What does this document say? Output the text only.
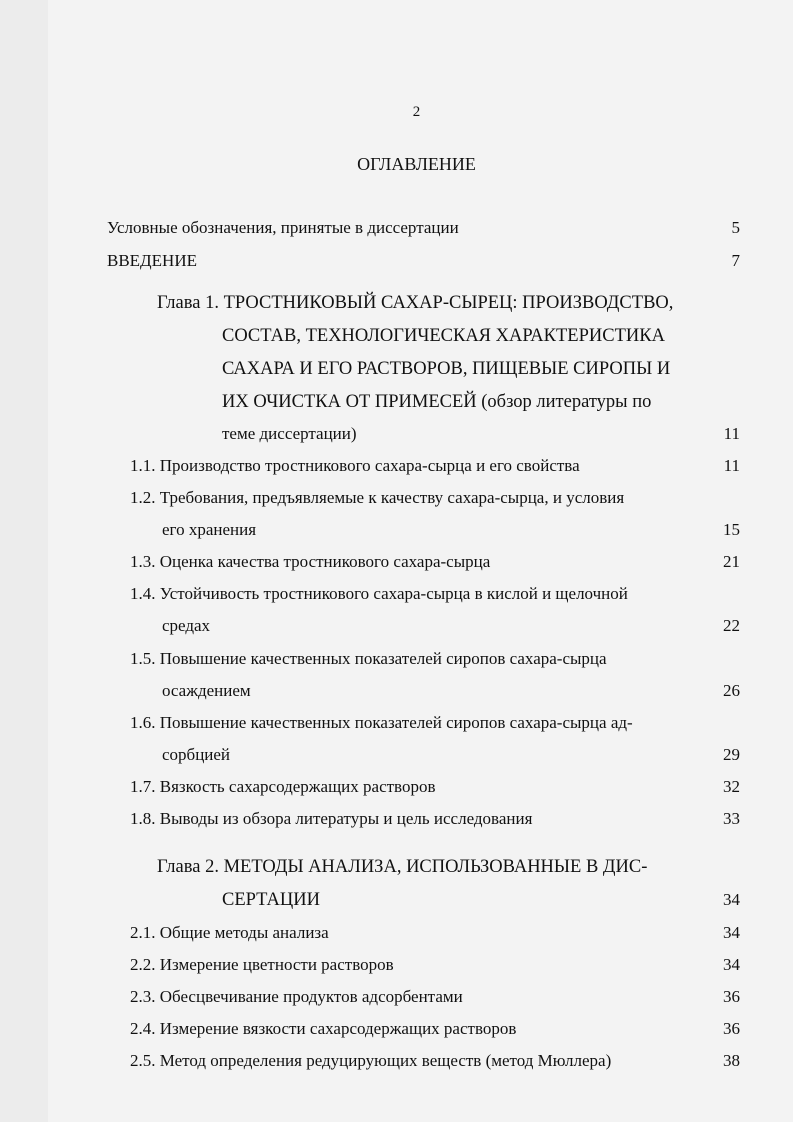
2
ОГЛАВЛЕНИЕ
Условные обозначения, принятые в диссертации	5
ВВЕДЕНИЕ	7
Глава 1. ТРОСТНИКОВЫЙ САХАР-СЫРЕЦ: ПРОИЗВОДСТВО,
СОСТАВ, ТЕХНОЛОГИЧЕСКАЯ ХАРАКТЕРИСТИКА
САХАРА И ЕГО РАСТВОРОВ, ПИЩЕВЫЕ СИРОПЫ И
ИХ ОЧИСТКА ОТ ПРИМЕСЕЙ (обзор литературы по
теме диссертации)	11
1.1. Производство тростникового сахара-сырца и его свойства	11
1.2. Требования, предъявляемые к качеству сахара-сырца, и условия
его хранения	15
1.3. Оценка качества тростникового сахара-сырца	21
1.4. Устойчивость тростникового сахара-сырца в кислой и щелочной
средах	22
1.5. Повышение качественных показателей сиропов сахара-сырца
осаждением	26
1.6. Повышение качественных показателей сиропов сахара-сырца ад-
сорбцией	29
1.7. Вязкость сахарсодержащих растворов	32
1.8. Выводы из обзора литературы и цель исследования	33
Глава 2. МЕТОДЫ АНАЛИЗА, ИСПОЛЬЗОВАННЫЕ В ДИС-
СЕРТАЦИИ	34
2.1. Общие методы анализа	34
2.2. Измерение цветности растворов	34
2.3. Обесцвечивание продуктов адсорбентами	36
2.4. Измерение вязкости сахарсодержащих растворов	36
2.5. Метод определения редуцирующих веществ (метод Мюллера)	38
